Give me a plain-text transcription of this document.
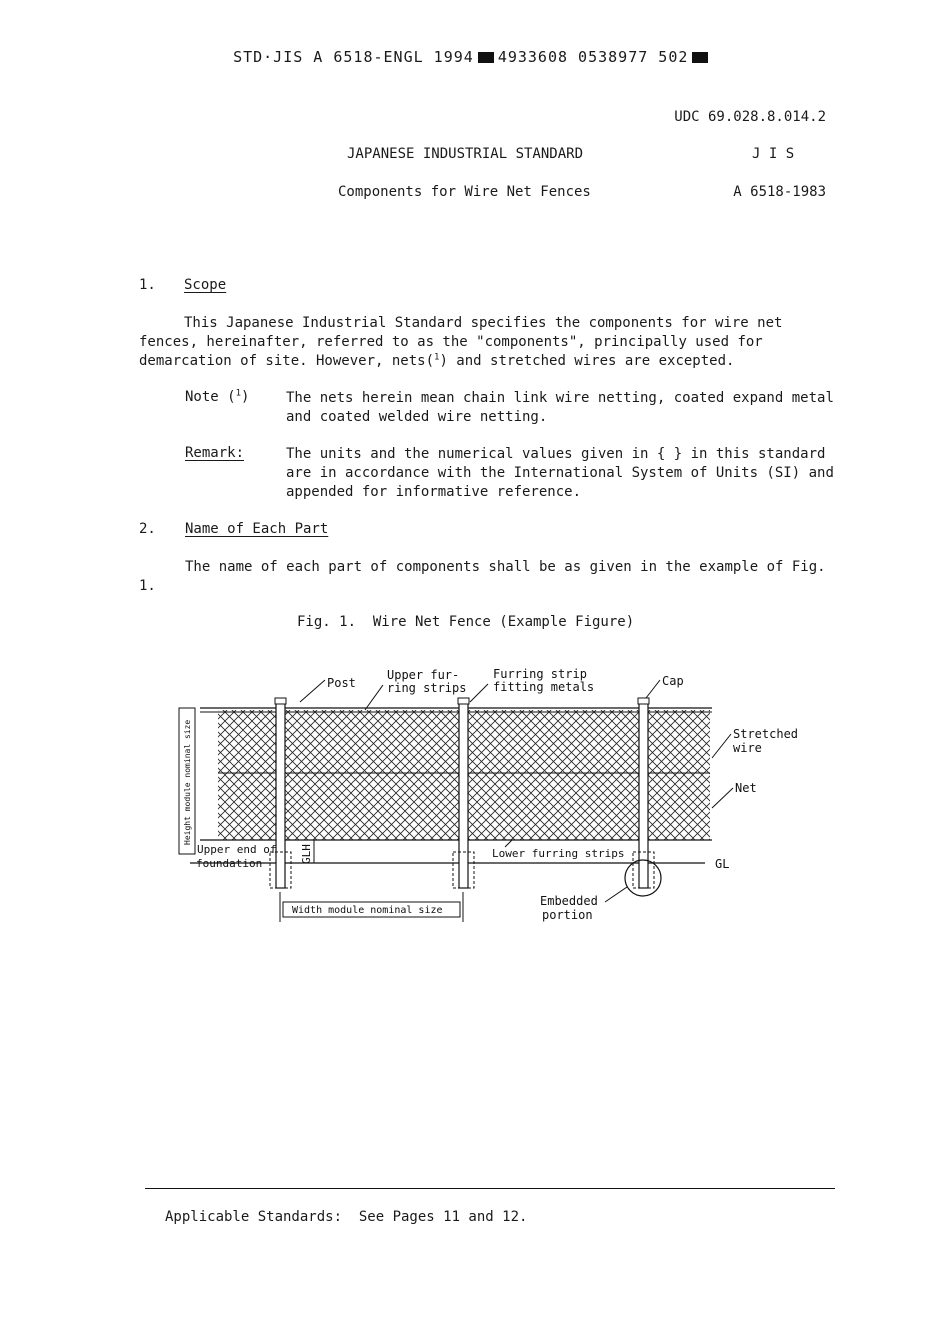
STD·JIS A 6518-ENGL 1994 4933608 0538977 502

UDC 69.028.8.014.2
JAPANESE INDUSTRIAL STANDARD	J I S
Components for Wire Net Fences	A 6518-1983
1. Scope
This Japanese Industrial Standard specifies the components for wire net fences, hereinafter, referred to as the "components", principally used for demarcation of site. However, nets($^1$) and stretched wires are excepted.
Note ($^1$)	The nets herein mean chain link wire netting, coated expand metal and coated welded wire netting.
Remark:	The units and the numerical values given in { } in this standard are in accordance with the International System of Units (SI) and appended for informative reference.
2. Name of Each Part
The name of each part of components shall be as given in the example of Fig. 1.
Fig. 1.  Wire Net Fence (Example Figure)
Height module nominal size
GLH
Width module nominal size
Post
Upper fur-
ring strips
Furring strip
fitting metals	Cap
Stretched
wire
Net
Upper end of
foundation
Lower furring strips
GL
Embedded
portion
Applicable Standards:  See Pages 11 and 12.
